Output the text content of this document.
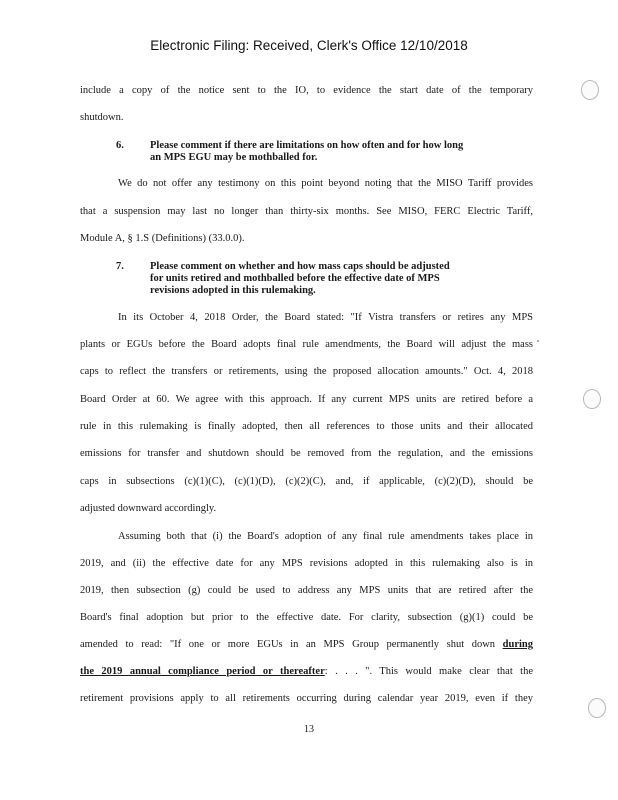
Electronic Filing: Received, Clerk's Office 12/10/2018
include a copy of the notice sent to the IO, to evidence the start date of the temporary
shutdown.
6. Please comment if there are limitations on how often and for how long
an MPS EGU may be mothballed for.
We do not offer any testimony on this point beyond noting that the MISO Tariff provides
that a suspension may last no longer than thirty-six months. See MISO, FERC Electric Tariff,
Module A, § 1.S (Definitions) (33.0.0).
7. Please comment on whether and how mass caps should be adjusted
for units retired and mothballed before the effective date of MPS
revisions adopted in this rulemaking.
In its October 4, 2018 Order, the Board stated: "If Vistra transfers or retires any MPS
plants or EGUs before the Board adopts final rule amendments, the Board will adjust the mass
caps to reflect the transfers or retirements, using the proposed allocation amounts." Oct. 4, 2018
Board Order at 60. We agree with this approach. If any current MPS units are retired before a
rule in this rulemaking is finally adopted, then all references to those units and their allocated
emissions for transfer and shutdown should be removed from the regulation, and the emissions
caps in subsections (c)(1)(C), (c)(1)(D), (c)(2)(C), and, if applicable, (c)(2)(D), should be
adjusted downward accordingly.
Assuming both that (i) the Board's adoption of any final rule amendments takes place in
2019, and (ii) the effective date for any MPS revisions adopted in this rulemaking also is in
2019, then subsection (g) could be used to address any MPS units that are retired after the
Board's final adoption but prior to the effective date. For clarity, subsection (g)(1) could be
amended to read: "If one or more EGUs in an MPS Group permanently shut down during
the 2019 annual compliance period or thereafter: . . . ". This would make clear that the
retirement provisions apply to all retirements occurring during calendar year 2019, even if they
13
